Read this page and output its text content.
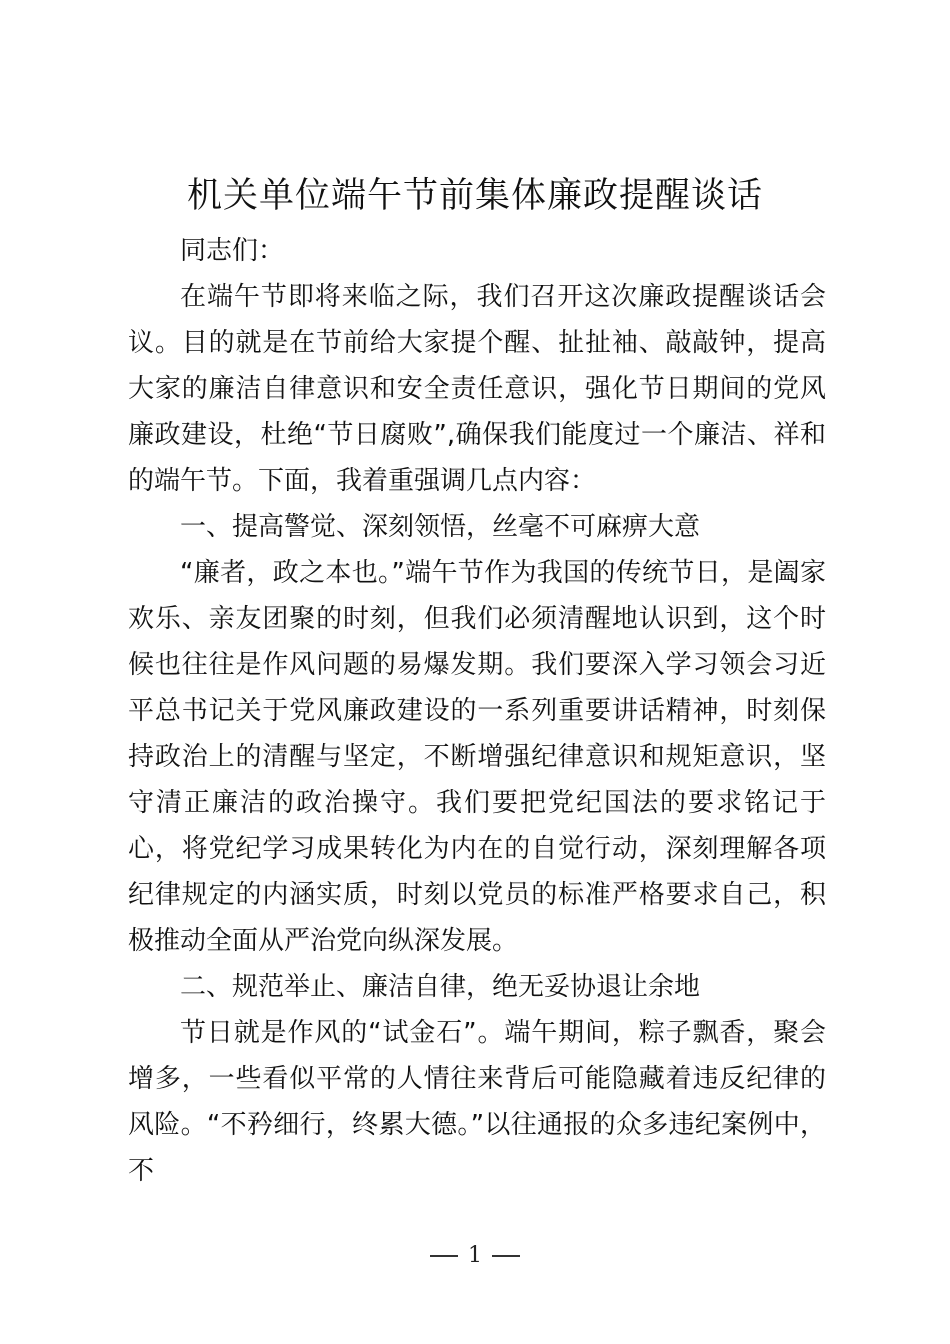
机关单位端午节前集体廉政提醒谈话

同志们：

在端午节即将来临之际，我们召开这次廉政提醒谈话会议。目的就是在节前给大家提个醒、扯扯袖、敲敲钟，提高大家的廉洁自律意识和安全责任意识，强化节日期间的党风廉政建设，杜绝“节日腐败”,确保我们能度过一个廉洁、祥和的端午节。下面，我着重强调几点内容：

一、提高警觉、深刻领悟，丝毫不可麻痹大意

“廉者，政之本也。”端午节作为我国的传统节日，是阖家欢乐、亲友团聚的时刻，但我们必须清醒地认识到，这个时候也往往是作风问题的易爆发期。我们要深入学习领会习近平总书记关于党风廉政建设的一系列重要讲话精神，时刻保持政治上的清醒与坚定，不断增强纪律意识和规矩意识，坚守清正廉洁的政治操守。我们要把党纪国法的要求铭记于心，将党纪学习成果转化为内在的自觉行动，深刻理解各项纪律规定的内涵实质，时刻以党员的标准严格要求自己，积极推动全面从严治党向纵深发展。

二、规范举止、廉洁自律，绝无妥协退让余地

节日就是作风的“试金石”。端午期间，粽子飘香，聚会增多，一些看似平常的人情往来背后可能隐藏着违反纪律的风险。“不矜细行，终累大德。”以往通报的众多违纪案例中，不

1
